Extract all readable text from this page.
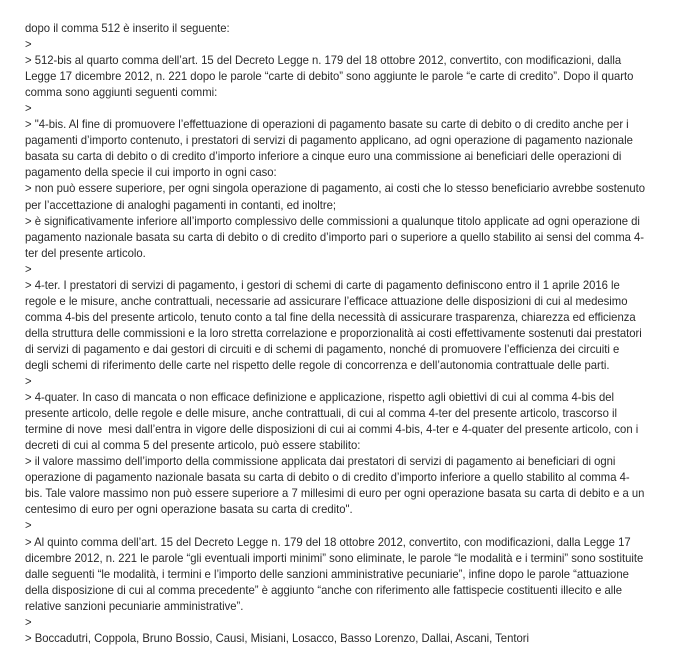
dopo il comma 512 è inserito il seguente:

>

> 512-bis al quarto comma dell’art. 15 del Decreto Legge n. 179 del 18 ottobre 2012, convertito, con modificazioni, dalla Legge 17 dicembre 2012, n. 221 dopo le parole “carte di debito” sono aggiunte le parole “e carte di credito”. Dopo il quarto comma sono aggiunti seguenti commi:

>

> "4-bis. Al fine di promuovere l’effettuazione di operazioni di pagamento basate su carte di debito o di credito anche per i pagamenti d’importo contenuto, i prestatori di servizi di pagamento applicano, ad ogni operazione di pagamento nazionale basata su carta di debito o di credito d’importo inferiore a cinque euro una commissione ai beneficiari delle operazioni di pagamento della specie il cui importo in ogni caso:

> non può essere superiore, per ogni singola operazione di pagamento, ai costi che lo stesso beneficiario avrebbe sostenuto per l’accettazione di analoghi pagamenti in contanti, ed inoltre;

> è significativamente inferiore all’importo complessivo delle commissioni a qualunque titolo applicate ad ogni operazione di pagamento nazionale basata su carta di debito o di credito d’importo pari o superiore a quello stabilito ai sensi del comma 4-ter del presente articolo.

>

> 4-ter. I prestatori di servizi di pagamento, i gestori di schemi di carte di pagamento definiscono entro il 1 aprile 2016 le regole e le misure, anche contrattuali, necessarie ad assicurare l’efficace attuazione delle disposizioni di cui al medesimo comma 4-bis del presente articolo, tenuto conto a tal fine della necessità di assicurare trasparenza, chiarezza ed efficienza della struttura delle commissioni e la loro stretta correlazione e proporzionalità ai costi effettivamente sostenuti dai prestatori di servizi di pagamento e dai gestori di circuiti e di schemi di pagamento, nonché di promuovere l’efficienza dei circuiti e degli schemi di riferimento delle carte nel rispetto delle regole di concorrenza e dell’autonomia contrattuale delle parti.

>

> 4-quater. In caso di mancata o non efficace definizione e applicazione, rispetto agli obiettivi di cui al comma 4-bis del presente articolo, delle regole e delle misure, anche contrattuali, di cui al comma 4-ter del presente articolo, trascorso il termine di nove  mesi dall’entra in vigore delle disposizioni di cui ai commi 4-bis, 4-ter e 4-quater del presente articolo, con i decreti di cui al comma 5 del presente articolo, può essere stabilito:

> il valore massimo dell’importo della commissione applicata dai prestatori di servizi di pagamento ai beneficiari di ogni operazione di pagamento nazionale basata su carta di debito o di credito d’importo inferiore a quello stabilito al comma 4-bis. Tale valore massimo non può essere superiore a 7 millesimi di euro per ogni operazione basata su carta di debito e a un centesimo di euro per ogni operazione basata su carta di credito".

>

> Al quinto comma dell’art. 15 del Decreto Legge n. 179 del 18 ottobre 2012, convertito, con modificazioni, dalla Legge 17 dicembre 2012, n. 221 le parole “gli eventuali importi minimi” sono eliminate, le parole “le modalità e i termini” sono sostituite dalle seguenti “le modalità, i termini e l’importo delle sanzioni amministrative pecuniarie”, infine dopo le parole “attuazione della disposizione di cui al comma precedente” è aggiunto “anche con riferimento alle fattispecie costituenti illecito e alle relative sanzioni pecuniarie amministrative”.

>

> Boccadutri, Coppola, Bruno Bossio, Causi, Misiani, Losacco, Basso Lorenzo, Dallai, Ascani, Tentori
